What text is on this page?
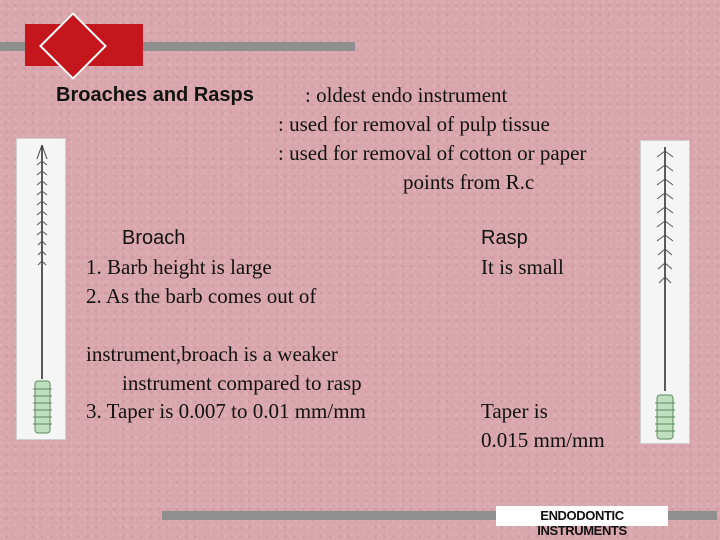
Broaches and Rasps : oldest endo instrument
: used for removal of pulp tissue
: used for removal of cotton or paper
points from R.c
Broach
1. Barb height is large
2. As the barb comes out of
instrument,broach is a weaker
instrument compared to rasp
3. Taper is 0.007 to 0.01 mm/mm
Rasp
It is small
Taper is
0.015 mm/mm
ENDODONTIC INSTRUMENTS
